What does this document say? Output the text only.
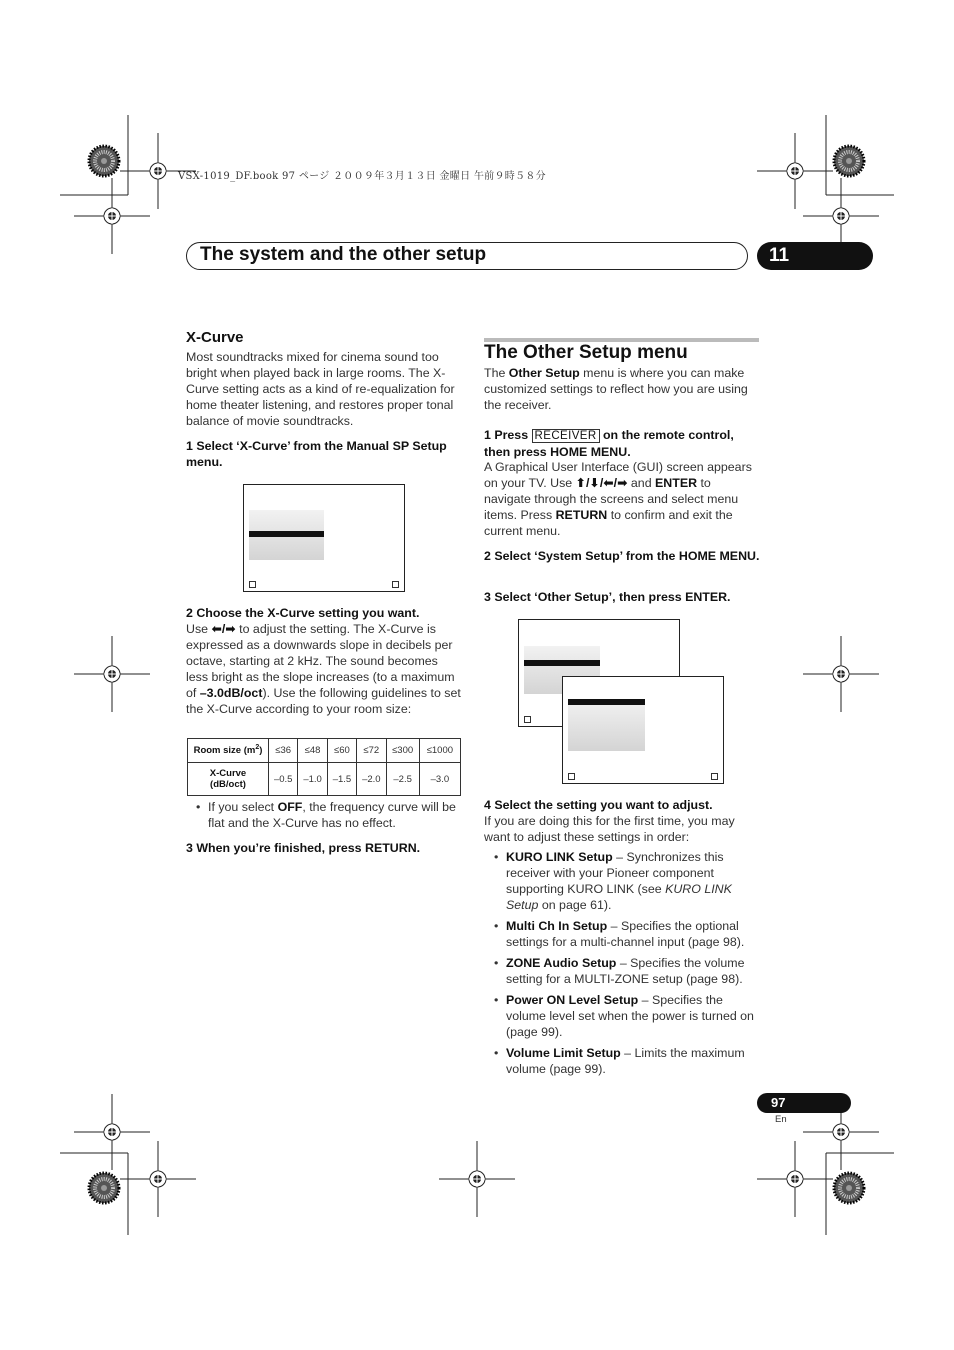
VSX-1019_DF.book 97 ページ ２００９年３月１３日 金曜日 午前９時５８分
The system and the other setup	11
X-Curve
Most soundtracks mixed for cinema sound too bright when played back in large rooms. The X-Curve setting acts as a kind of re-equalization for home theater listening, and restores proper tonal balance of movie soundtracks.
1 Select ‘X-Curve’ from the Manual SP Setup menu.
2 Choose the X-Curve setting you want.
Use ⬅/➡ to adjust the setting. The X-Curve is expressed as a downwards slope in decibels per octave, starting at 2 kHz. The sound becomes less bright as the slope increases (to a maximum of –3.0dB/oct). Use the following guidelines to set the X-Curve according to your room size:
Room size $(m^2)$	≤36	≤48	≤60	≤72	≤300	≤1000
X-Curve (dB/oct)	–0.5	–1.0	–1.5	–2.0	–2.5	–3.0
• If you select OFF, the frequency curve will be flat and the X-Curve has no effect.
3 When you’re finished, press RETURN.
The Other Setup menu
The Other Setup menu is where you can make customized settings to reflect how you are using the receiver.
1 Press RECEIVER on the remote control, then press HOME MENU.
A Graphical User Interface (GUI) screen appears on your TV. Use ⬆/⬇/⬅/➡ and ENTER to navigate through the screens and select menu items. Press RETURN to confirm and exit the current menu.
2 Select ‘System Setup’ from the HOME MENU.
3 Select ‘Other Setup’, then press ENTER.
4 Select the setting you want to adjust.
If you are doing this for the first time, you may want to adjust these settings in order:
• KURO LINK Setup – Synchronizes this receiver with your Pioneer component supporting KURO LINK (see KURO LINK Setup on page 61).
• Multi Ch In Setup – Specifies the optional settings for a multi-channel input (page 98).
• ZONE Audio Setup – Specifies the volume setting for a MULTI-ZONE setup (page 98).
• Power ON Level Setup – Specifies the volume level set when the power is turned on (page 99).
• Volume Limit Setup – Limits the maximum volume (page 99).
97
En
